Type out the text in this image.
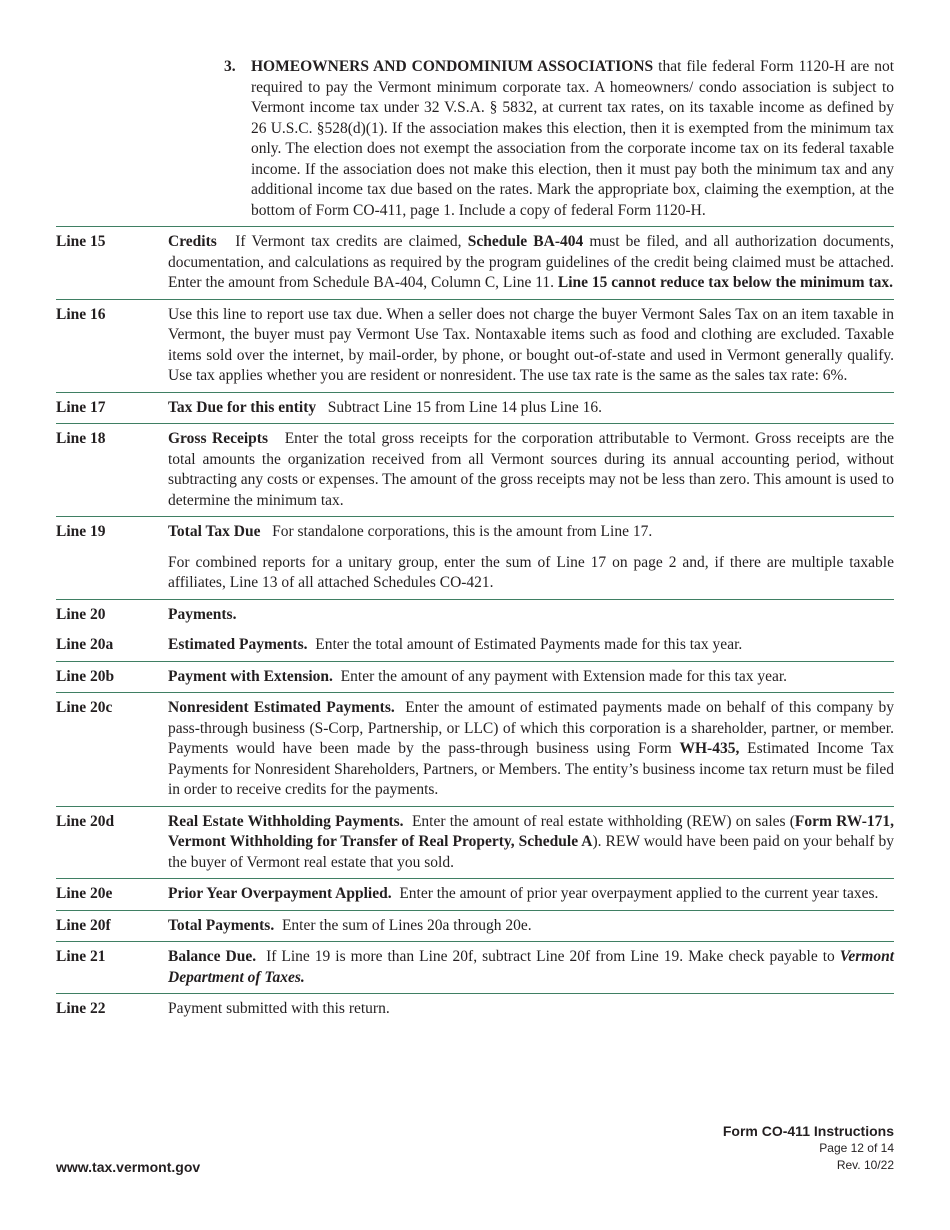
3. HOMEOWNERS AND CONDOMINIUM ASSOCIATIONS that file federal Form 1120-H are not required to pay the Vermont minimum corporate tax. A homeowners/ condo association is subject to Vermont income tax under 32 V.S.A. § 5832, at current tax rates, on its taxable income as defined by 26 U.S.C. §528(d)(1). If the association makes this election, then it is exempted from the minimum tax only. The election does not exempt the association from the corporate income tax on its federal taxable income. If the association does not make this election, then it must pay both the minimum tax and any additional income tax due based on the rates. Mark the appropriate box, claiming the exemption, at the bottom of Form CO-411, page 1. Include a copy of federal Form 1120-H.
Line 15	Credits If Vermont tax credits are claimed, Schedule BA-404 must be filed, and all authorization documents, documentation, and calculations as required by the program guidelines of the credit being claimed must be attached. Enter the amount from Schedule BA-404, Column C, Line 11. Line 15 cannot reduce tax below the minimum tax.
Line 16	Use this line to report use tax due. When a seller does not charge the buyer Vermont Sales Tax on an item taxable in Vermont, the buyer must pay Vermont Use Tax. Nontaxable items such as food and clothing are excluded. Taxable items sold over the internet, by mail-order, by phone, or bought out-of-state and used in Vermont generally qualify. Use tax applies whether you are resident or nonresident. The use tax rate is the same as the sales tax rate: 6%.
Line 17	Tax Due for this entity Subtract Line 15 from Line 14 plus Line 16.
Line 18	Gross Receipts Enter the total gross receipts for the corporation attributable to Vermont. Gross receipts are the total amounts the organization received from all Vermont sources during its annual accounting period, without subtracting any costs or expenses. The amount of the gross receipts may not be less than zero. This amount is used to determine the minimum tax.
Line 19	Total Tax Due For standalone corporations, this is the amount from Line 17.
For combined reports for a unitary group, enter the sum of Line 17 on page 2 and, if there are multiple taxable affiliates, Line 13 of all attached Schedules CO-421.
Line 20	Payments.
Line 20a	Estimated Payments. Enter the total amount of Estimated Payments made for this tax year.
Line 20b	Payment with Extension. Enter the amount of any payment with Extension made for this tax year.
Line 20c	Nonresident Estimated Payments. Enter the amount of estimated payments made on behalf of this company by pass-through business (S-Corp, Partnership, or LLC) of which this corporation is a shareholder, partner, or member. Payments would have been made by the pass-through business using Form WH-435, Estimated Income Tax Payments for Nonresident Shareholders, Partners, or Members. The entity’s business income tax return must be filed in order to receive credits for the payments.
Line 20d	Real Estate Withholding Payments. Enter the amount of real estate withholding (REW) on sales (Form RW-171, Vermont Withholding for Transfer of Real Property, Schedule A). REW would have been paid on your behalf by the buyer of Vermont real estate that you sold.
Line 20e	Prior Year Overpayment Applied. Enter the amount of prior year overpayment applied to the current year taxes.
Line 20f	Total Payments. Enter the sum of Lines 20a through 20e.
Line 21	Balance Due. If Line 19 is more than Line 20f, subtract Line 20f from Line 19. Make check payable to Vermont Department of Taxes.
Line 22	Payment submitted with this return.
Form CO-411 Instructions
Page 12 of 14
Rev. 10/22
www.tax.vermont.gov
